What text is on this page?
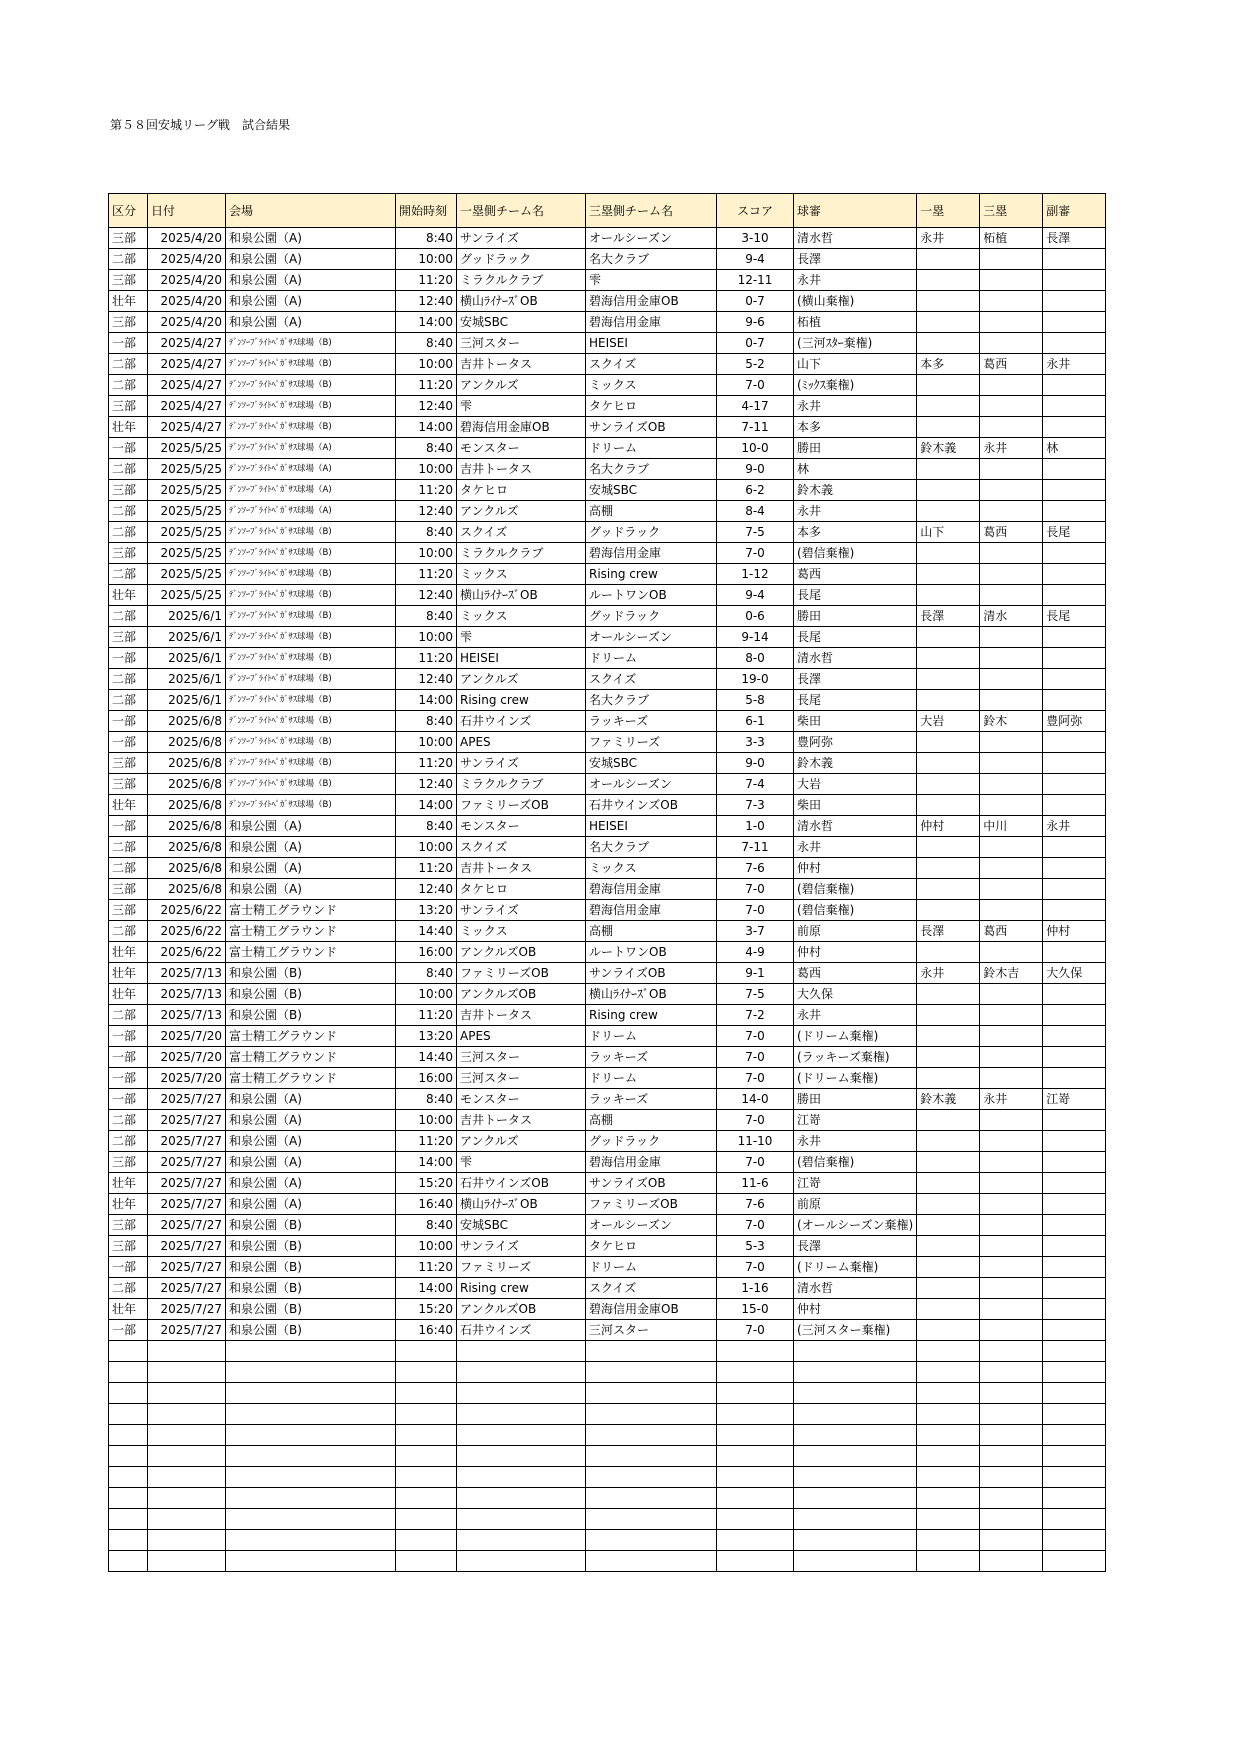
第５８回安城リーグ戦　試合結果
区分	日付	会場	開始時刻	一塁側チーム名	三塁側チーム名	スコア	球審	一塁	三塁	副審
三部	2025/4/20	和泉公園（A)	8:40	サンライズ	オールシーズン	3-10	清水哲	永井	柘植	長澤
二部	2025/4/20	和泉公園（A)	10:00	グッドラック	名大クラブ	9-4	長澤			
三部	2025/4/20	和泉公園（A)	11:20	ミラクルクラブ	雫	12-11	永井			
壮年	2025/4/20	和泉公園（A)	12:40	横山ﾗｲﾅｰｽﾞOB	碧海信用金庫OB	0-7	(横山棄権)			
三部	2025/4/20	和泉公園（A)	14:00	安城SBC	碧海信用金庫	9-6	柘植			
一部	2025/4/27	ﾃﾞﾝｿｰﾌﾞﾗｲﾄﾍﾟｶﾞｻｽ球場（B)	8:40	三河スター	HEISEI	0-7	(三河ｽﾀｰ棄権)			
二部	2025/4/27	ﾃﾞﾝｿｰﾌﾞﾗｲﾄﾍﾟｶﾞｻｽ球場（B)	10:00	吉井トータス	スクイズ	5-2	山下	本多	葛西	永井
二部	2025/4/27	ﾃﾞﾝｿｰﾌﾞﾗｲﾄﾍﾟｶﾞｻｽ球場（B)	11:20	アンクルズ	ミックス	7-0	(ﾐｯｸｽ棄権)			
三部	2025/4/27	ﾃﾞﾝｿｰﾌﾞﾗｲﾄﾍﾟｶﾞｻｽ球場（B)	12:40	雫	タケヒロ	4-17	永井			
壮年	2025/4/27	ﾃﾞﾝｿｰﾌﾞﾗｲﾄﾍﾟｶﾞｻｽ球場（B)	14:00	碧海信用金庫OB	サンライズOB	7-11	本多			
一部	2025/5/25	ﾃﾞﾝｿｰﾌﾞﾗｲﾄﾍﾟｶﾞｻｽ球場（A)	8:40	モンスター	ドリーム	10-0	勝田	鈴木義	永井	林
二部	2025/5/25	ﾃﾞﾝｿｰﾌﾞﾗｲﾄﾍﾟｶﾞｻｽ球場（A)	10:00	吉井トータス	名大クラブ	9-0	林			
三部	2025/5/25	ﾃﾞﾝｿｰﾌﾞﾗｲﾄﾍﾟｶﾞｻｽ球場（A)	11:20	タケヒロ	安城SBC	6-2	鈴木義			
二部	2025/5/25	ﾃﾞﾝｿｰﾌﾞﾗｲﾄﾍﾟｶﾞｻｽ球場（A)	12:40	アンクルズ	高棚	8-4	永井			
二部	2025/5/25	ﾃﾞﾝｿｰﾌﾞﾗｲﾄﾍﾟｶﾞｻｽ球場（B)	8:40	スクイズ	グッドラック	7-5	本多	山下	葛西	長尾
三部	2025/5/25	ﾃﾞﾝｿｰﾌﾞﾗｲﾄﾍﾟｶﾞｻｽ球場（B)	10:00	ミラクルクラブ	碧海信用金庫	7-0	(碧信棄権)			
二部	2025/5/25	ﾃﾞﾝｿｰﾌﾞﾗｲﾄﾍﾟｶﾞｻｽ球場（B)	11:20	ミックス	Rising crew	1-12	葛西			
壮年	2025/5/25	ﾃﾞﾝｿｰﾌﾞﾗｲﾄﾍﾟｶﾞｻｽ球場（B)	12:40	横山ﾗｲﾅｰｽﾞOB	ルートワンOB	9-4	長尾			
二部	2025/6/1	ﾃﾞﾝｿｰﾌﾞﾗｲﾄﾍﾟｶﾞｻｽ球場（B)	8:40	ミックス	グッドラック	0-6	勝田	長澤	清水	長尾
三部	2025/6/1	ﾃﾞﾝｿｰﾌﾞﾗｲﾄﾍﾟｶﾞｻｽ球場（B)	10:00	雫	オールシーズン	9-14	長尾			
一部	2025/6/1	ﾃﾞﾝｿｰﾌﾞﾗｲﾄﾍﾟｶﾞｻｽ球場（B)	11:20	HEISEI	ドリーム	8-0	清水哲			
二部	2025/6/1	ﾃﾞﾝｿｰﾌﾞﾗｲﾄﾍﾟｶﾞｻｽ球場（B)	12:40	アンクルズ	スクイズ	19-0	長澤			
二部	2025/6/1	ﾃﾞﾝｿｰﾌﾞﾗｲﾄﾍﾟｶﾞｻｽ球場（B)	14:00	Rising crew	名大クラブ	5-8	長尾			
一部	2025/6/8	ﾃﾞﾝｿｰﾌﾞﾗｲﾄﾍﾟｶﾞｻｽ球場（B)	8:40	石井ウインズ	ラッキーズ	6-1	柴田	大岩	鈴木	豊阿弥
一部	2025/6/8	ﾃﾞﾝｿｰﾌﾞﾗｲﾄﾍﾟｶﾞｻｽ球場（B)	10:00	APES	ファミリーズ	3-3	豊阿弥			
三部	2025/6/8	ﾃﾞﾝｿｰﾌﾞﾗｲﾄﾍﾟｶﾞｻｽ球場（B)	11:20	サンライズ	安城SBC	9-0	鈴木義			
三部	2025/6/8	ﾃﾞﾝｿｰﾌﾞﾗｲﾄﾍﾟｶﾞｻｽ球場（B)	12:40	ミラクルクラブ	オールシーズン	7-4	大岩			
壮年	2025/6/8	ﾃﾞﾝｿｰﾌﾞﾗｲﾄﾍﾟｶﾞｻｽ球場（B)	14:00	ファミリーズOB	石井ウインズOB	7-3	柴田			
一部	2025/6/8	和泉公園（A)	8:40	モンスター	HEISEI	1-0	清水哲	仲村	中川	永井
二部	2025/6/8	和泉公園（A)	10:00	スクイズ	名大クラブ	7-11	永井			
二部	2025/6/8	和泉公園（A)	11:20	吉井トータス	ミックス	7-6	仲村			
三部	2025/6/8	和泉公園（A)	12:40	タケヒロ	碧海信用金庫	7-0	(碧信棄権)			
三部	2025/6/22	富士精工グラウンド	13:20	サンライズ	碧海信用金庫	7-0	(碧信棄権)			
二部	2025/6/22	富士精工グラウンド	14:40	ミックス	高棚	3-7	前原	長澤	葛西	仲村
壮年	2025/6/22	富士精工グラウンド	16:00	アンクルズOB	ルートワンOB	4-9	仲村			
壮年	2025/7/13	和泉公園（B)	8:40	ファミリーズOB	サンライズOB	9-1	葛西	永井	鈴木吉	大久保
壮年	2025/7/13	和泉公園（B)	10:00	アンクルズOB	横山ﾗｲﾅｰｽﾞOB	7-5	大久保			
二部	2025/7/13	和泉公園（B)	11:20	吉井トータス	Rising crew	7-2	永井			
一部	2025/7/20	富士精工グラウンド	13:20	APES	ドリーム	7-0	(ドリーム棄権)			
一部	2025/7/20	富士精工グラウンド	14:40	三河スター	ラッキーズ	7-0	(ラッキーズ棄権)			
一部	2025/7/20	富士精工グラウンド	16:00	三河スター	ドリーム	7-0	(ドリーム棄権)			
一部	2025/7/27	和泉公園（A)	8:40	モンスター	ラッキーズ	14-0	勝田	鈴木義	永井	江嵜
二部	2025/7/27	和泉公園（A)	10:00	吉井トータス	高棚	7-0	江嵜			
二部	2025/7/27	和泉公園（A)	11:20	アンクルズ	グッドラック	11-10	永井			
三部	2025/7/27	和泉公園（A)	14:00	雫	碧海信用金庫	7-0	(碧信棄権)			
壮年	2025/7/27	和泉公園（A)	15:20	石井ウインズOB	サンライズOB	11-6	江嵜			
壮年	2025/7/27	和泉公園（A)	16:40	横山ﾗｲﾅｰｽﾞOB	ファミリーズOB	7-6	前原			
三部	2025/7/27	和泉公園（B)	8:40	安城SBC	オールシーズン	7-0	(オールシーズン棄権)			
三部	2025/7/27	和泉公園（B)	10:00	サンライズ	タケヒロ	5-3	長澤			
一部	2025/7/27	和泉公園（B)	11:20	ファミリーズ	ドリーム	7-0	(ドリーム棄権)			
二部	2025/7/27	和泉公園（B)	14:00	Rising crew	スクイズ	1-16	清水哲			
壮年	2025/7/27	和泉公園（B)	15:20	アンクルズOB	碧海信用金庫OB	15-0	仲村			
一部	2025/7/27	和泉公園（B)	16:40	石井ウインズ	三河スター	7-0	(三河スター棄権)			
